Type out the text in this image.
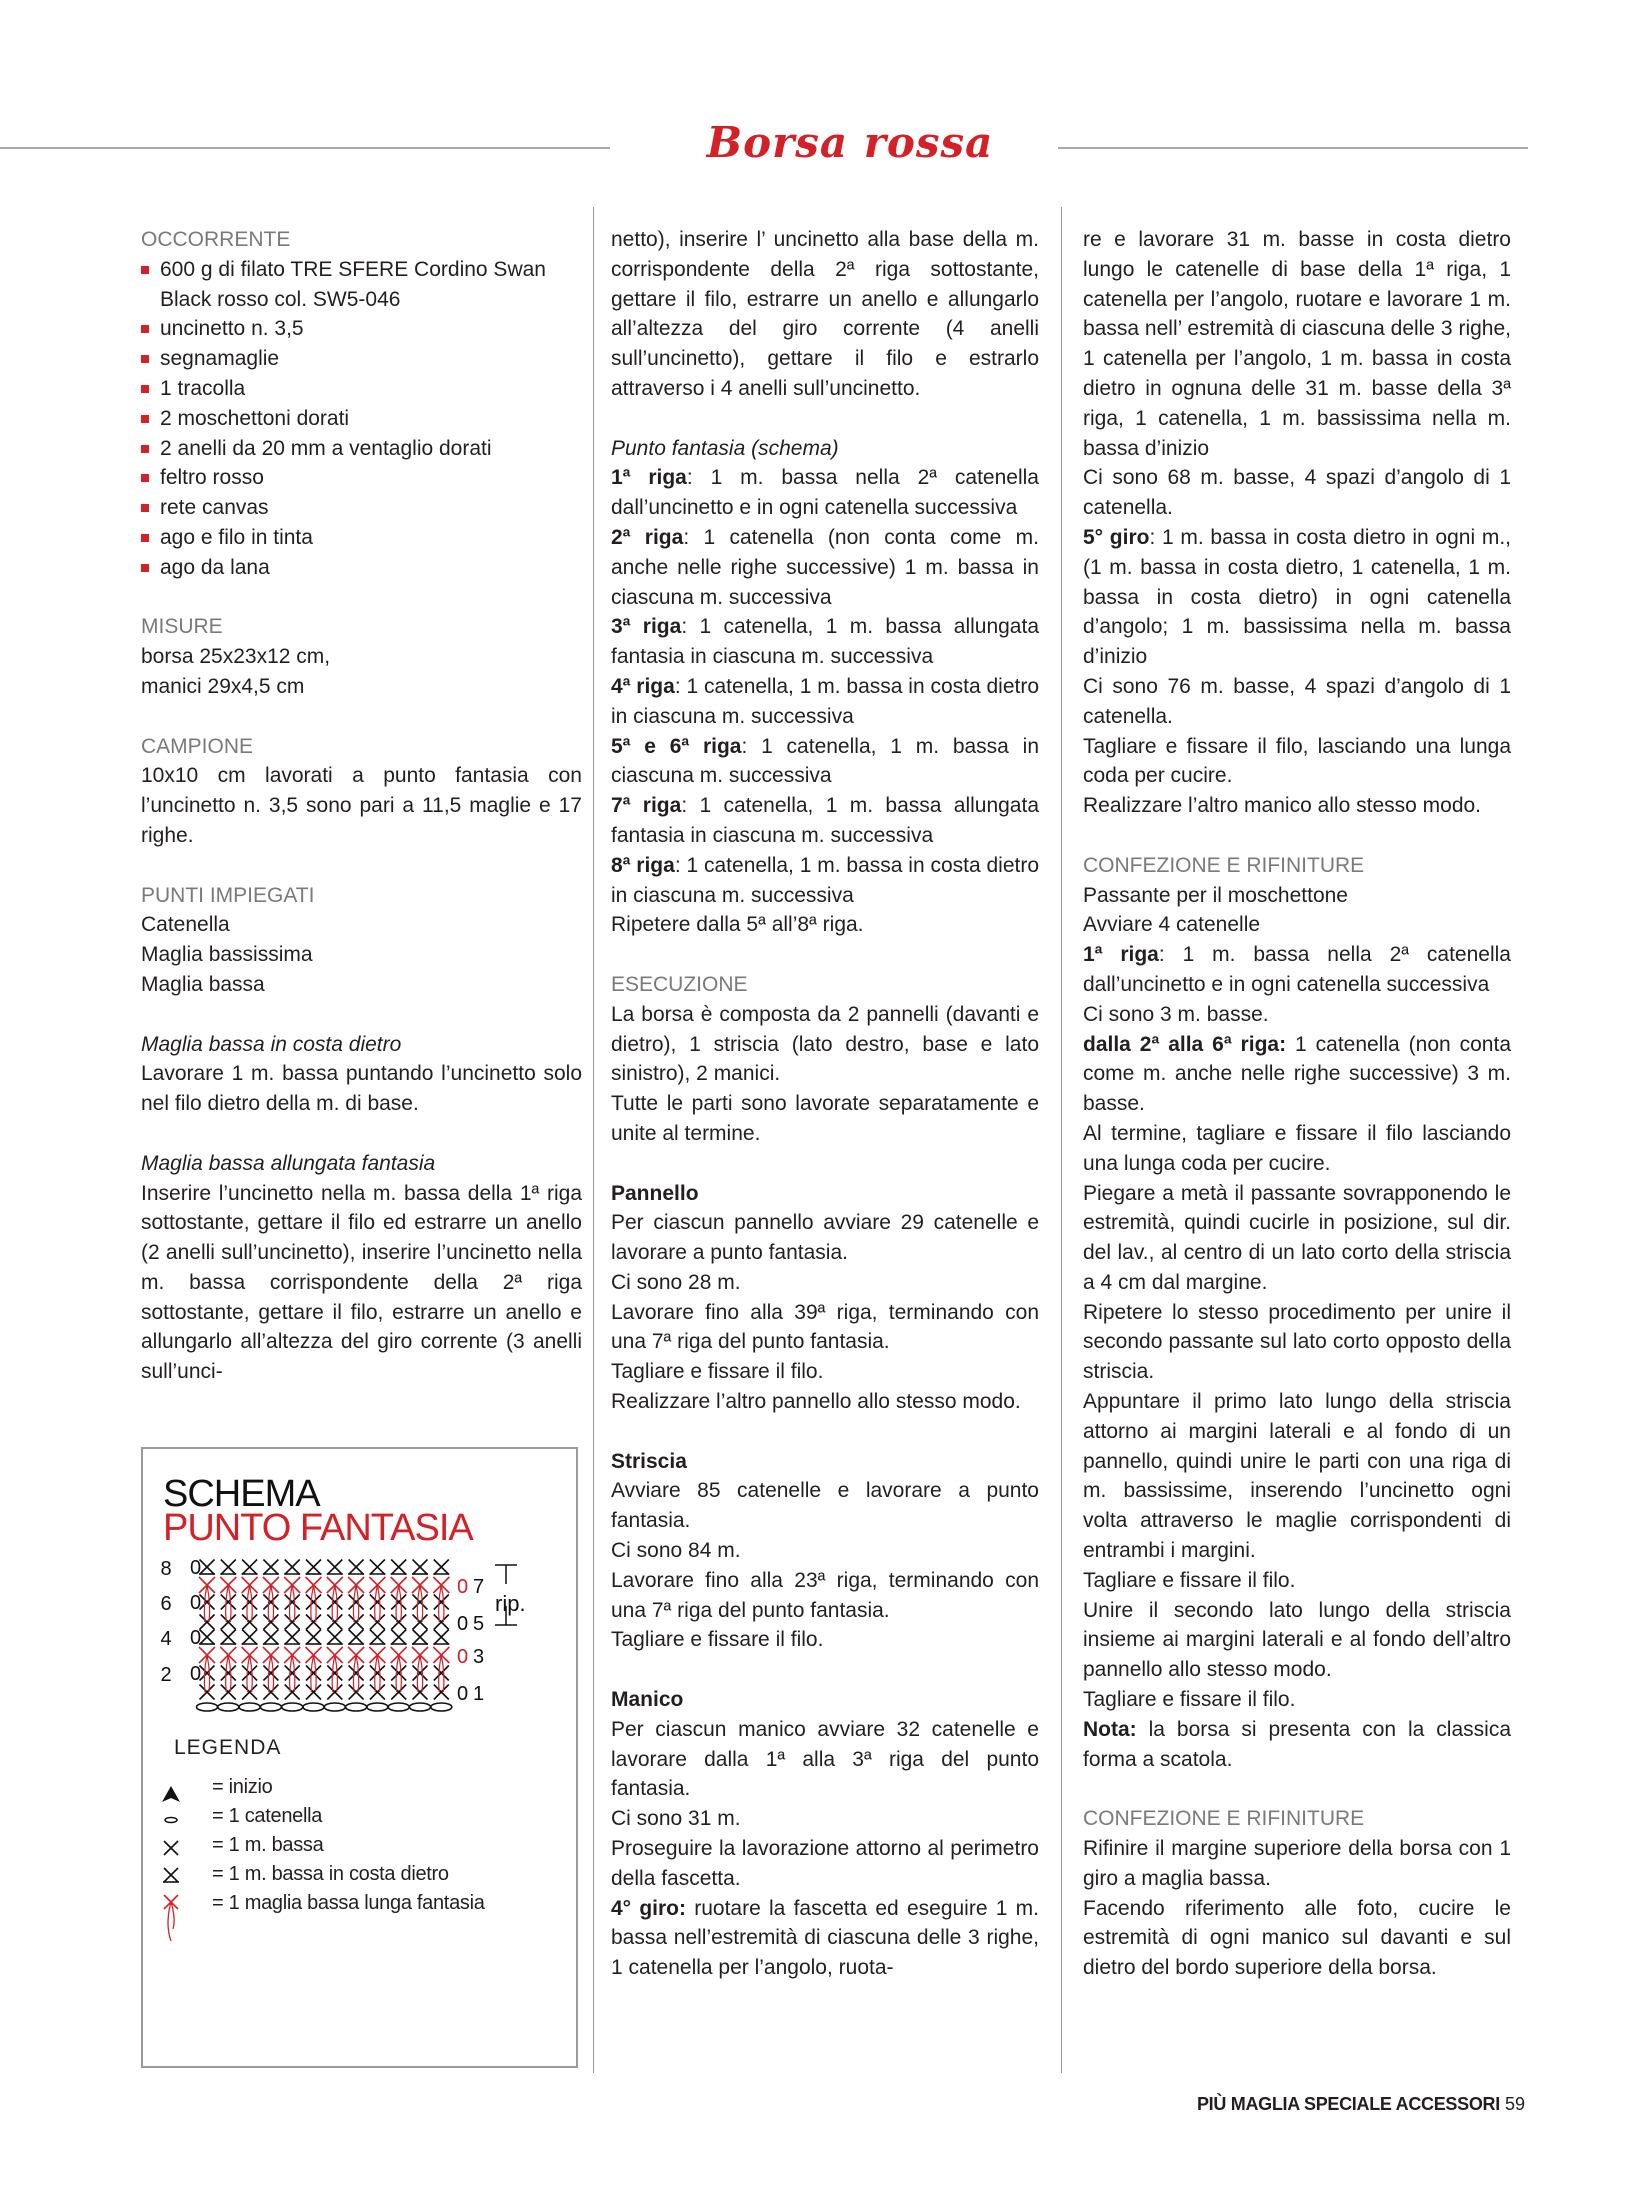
Borsa rossa

OCCORRENTE

600 g di filato TRE SFERE Cordino Swan Black rosso col. SW5-046
uncinetto n. 3,5
segnamaglie
1 tracolla
2 moschettoni dorati
2 anelli da 20 mm a ventaglio dorati
feltro rosso
rete canvas
ago e filo in tinta
ago da lana

MISURE

borsa 25x23x12 cm,

manici 29x4,5 cm

CAMPIONE

10x10 cm lavorati a punto fantasia con l’uncinetto n. 3,5 sono pari a 11,5 maglie e 17 righe.

PUNTI IMPIEGATI

Catenella

Maglia bassissima

Maglia bassa

Maglia bassa in costa dietro

Lavorare 1 m. bassa puntando l’uncinetto solo nel filo dietro della m. di base.

Maglia bassa allungata fantasia

Inserire l’uncinetto nella m. bassa della 1ª riga sottostante, gettare il filo ed estrarre un anello (2 anelli sull’uncinetto), inserire l’uncinetto nella m. bassa corrispondente della 2ª riga sottostante, gettare il filo, estrarre un anello e allungarlo all’altezza del giro corrente (3 anelli sull’unci-

netto), inserire l’ uncinetto alla base della m. corrispondente della 2ª riga sottostante, gettare il filo, estrarre un anello e allungarlo all’altezza del giro corrente (4 anelli sull’uncinetto), gettare il filo e estrarlo attraverso i 4 anelli sull’uncinetto.

Punto fantasia (schema)

1ª riga: 1 m. bassa nella 2ª catenella dall’uncinetto e in ogni catenella successiva

2ª riga: 1 catenella (non conta come m. anche nelle righe successive) 1 m. bassa in ciascuna m. successiva

3ª riga: 1 catenella, 1 m. bassa allungata fantasia in ciascuna m. successiva

4ª riga: 1 catenella, 1 m. bassa in costa dietro in ciascuna m. successiva

5ª e 6ª riga: 1 catenella, 1 m. bassa in ciascuna m. successiva

7ª riga: 1 catenella, 1 m. bassa allungata fantasia in ciascuna m. successiva

8ª riga: 1 catenella, 1 m. bassa in costa dietro in ciascuna m. successiva

Ripetere dalla 5ª all’8ª riga.

ESECUZIONE

La borsa è composta da 2 pannelli (davanti e dietro), 1 striscia (lato destro, base e lato sinistro), 2 manici.

Tutte le parti sono lavorate separatamente e unite al termine.

Pannello

Per ciascun pannello avviare 29 catenelle e lavorare a punto fantasia.

Ci sono 28 m.

Lavorare fino alla 39ª riga, terminando con una 7ª riga del punto fantasia.

Tagliare e fissare il filo.

Realizzare l’altro pannello allo stesso modo.

Striscia

Avviare 85 catenelle e lavorare a punto fantasia.

Ci sono 84 m.

Lavorare fino alla 23ª riga, terminando con una 7ª riga del punto fantasia.

Tagliare e fissare il filo.

Manico

Per ciascun manico avviare 32 catenelle e lavorare dalla 1ª alla 3ª riga del punto fantasia.

Ci sono 31 m.

Proseguire la lavorazione attorno al perimetro della fascetta.

4° giro: ruotare la fascetta ed eseguire 1 m. bassa nell’estremità di ciascuna delle 3 righe, 1 catenella per l’angolo, ruota-

re e lavorare 31 m. basse in costa dietro lungo le catenelle di base della 1ª riga, 1 catenella per l’angolo, ruotare e lavorare 1 m. bassa nell’ estremità di ciascuna delle 3 righe, 1 catenella per l’angolo, 1 m. bassa in costa dietro in ognuna delle 31 m. basse della 3ª riga, 1 catenella, 1 m. bassissima nella m. bassa d’inizio

Ci sono 68 m. basse, 4 spazi d’angolo di 1 catenella.

5° giro: 1 m. bassa in costa dietro in ogni m., (1 m. bassa in costa dietro, 1 catenella, 1 m. bassa in costa dietro) in ogni catenella d’angolo; 1 m. bassissima nella m. bassa d’inizio

Ci sono 76 m. basse, 4 spazi d’angolo di 1 catenella.

Tagliare e fissare il filo, lasciando una lunga coda per cucire.

Realizzare l’altro manico allo stesso modo.

CONFEZIONE E RIFINITURE

Passante per il moschettone

Avviare 4 catenelle

1ª riga: 1 m. bassa nella 2ª catenella dall’uncinetto e in ogni catenella successiva

Ci sono 3 m. basse.

dalla 2ª alla 6ª riga: 1 catenella (non conta come m. anche nelle righe successive) 3 m. basse.

Al termine, tagliare e fissare il filo lasciando una lunga coda per cucire.

Piegare a metà il passante sovrapponendo le estremità, quindi cucirle in posizione, sul dir. del lav., al centro di un lato corto della striscia a 4 cm dal margine.

Ripetere lo stesso procedimento per unire il secondo passante sul lato corto opposto della striscia.

Appuntare il primo lato lungo della striscia attorno ai margini laterali e al fondo di un pannello, quindi unire le parti con una riga di m. bassissime, inserendo l’uncinetto ogni volta attraverso le maglie corrispondenti di entrambi i margini.

Tagliare e fissare il filo.

Unire il secondo lato lungo della striscia insieme ai margini laterali e al fondo dell’altro pannello allo stesso modo.

Tagliare e fissare il filo.

Nota: la borsa si presenta con la classica forma a scatola.

CONFEZIONE E RIFINITURE

Rifinire il margine superiore della borsa con 1 giro a maglia bassa.

Facendo riferimento alle foto, cucire le estremità di ogni manico sul davanti e sul dietro del bordo superiore della borsa.

SCHEMA
PUNTO FANTASIA
0
8
0
6
0
4
0
2
0 7
0 5
0 3
0 1
rip.
LEGENDA
= inizio
= 1 catenella
= 1 m. bassa
= 1 m. bassa in costa dietro
= 1 maglia bassa lunga fantasia
PIÙ MAGLIA SPECIALE ACCESSORI 59
